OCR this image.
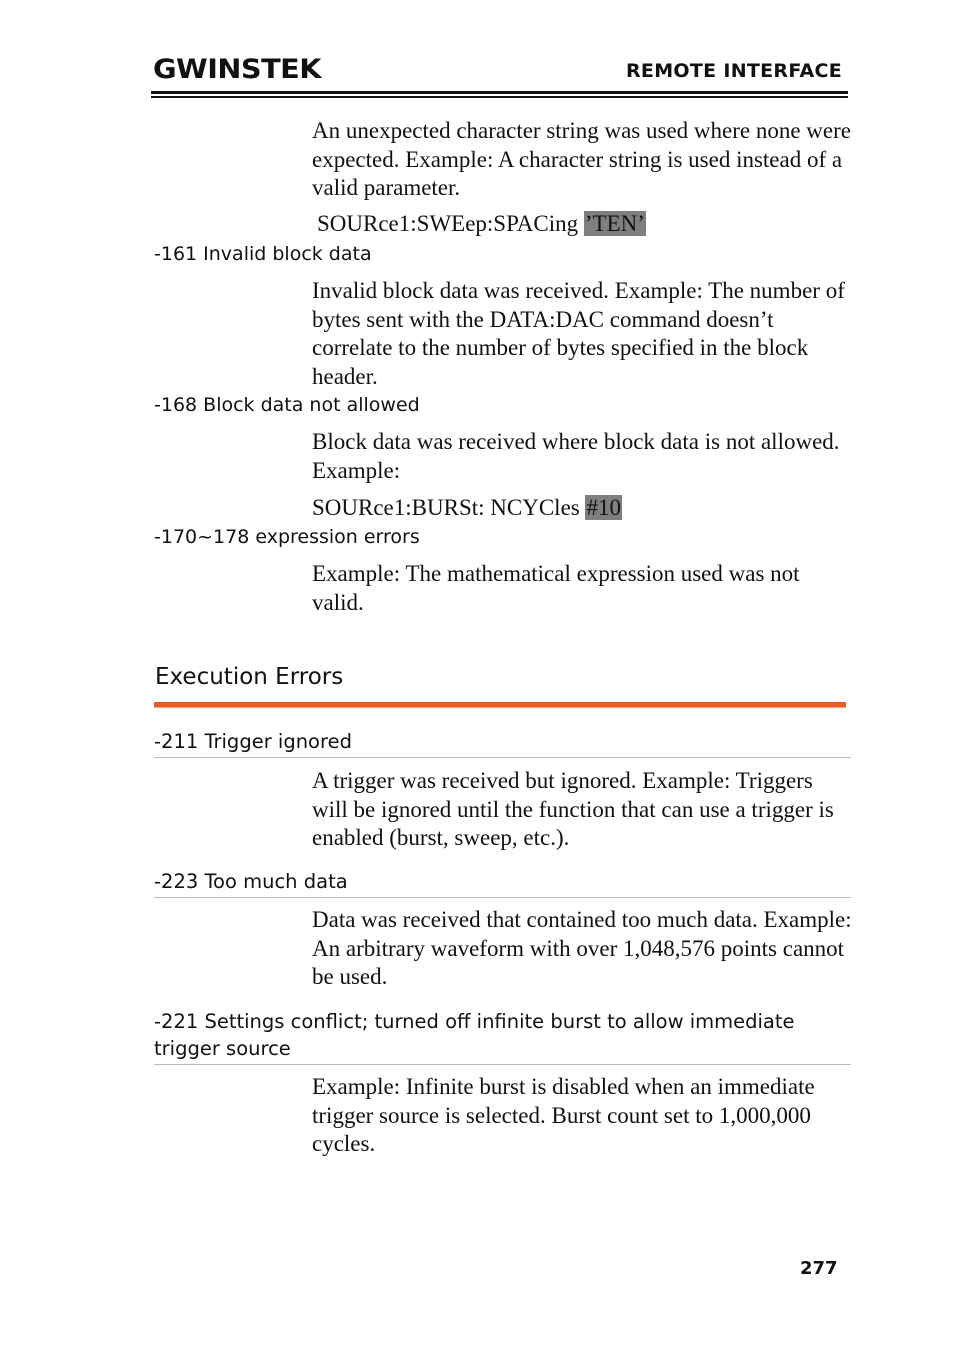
GWINSTEK	REMOTE INTERFACE
An unexpected character string was used where none were expected. Example: A character string is used instead of a valid parameter.
SOURce1:SWEep:SPACing ’TEN’
-161 Invalid block data
Invalid block data was received. Example: The number of bytes sent with the DATA:DAC command doesn’t correlate to the number of bytes specified in the block header.
-168 Block data not allowed
Block data was received where block data is not allowed. Example:
SOURce1:BURSt: NCYCles #10
-170~178 expression errors
Example: The mathematical expression used was not valid.
Execution Errors
-211 Trigger ignored
A trigger was received but ignored. Example: Triggers will be ignored until the function that can use a trigger is enabled (burst, sweep, etc.).
-223 Too much data
Data was received that contained too much data. Example: An arbitrary waveform with over 1,048,576 points cannot be used.
-221 Settings conflict; turned off infinite burst to allow immediate trigger source
Example: Infinite burst is disabled when an immediate trigger source is selected. Burst count set to 1,000,000 cycles.
277
